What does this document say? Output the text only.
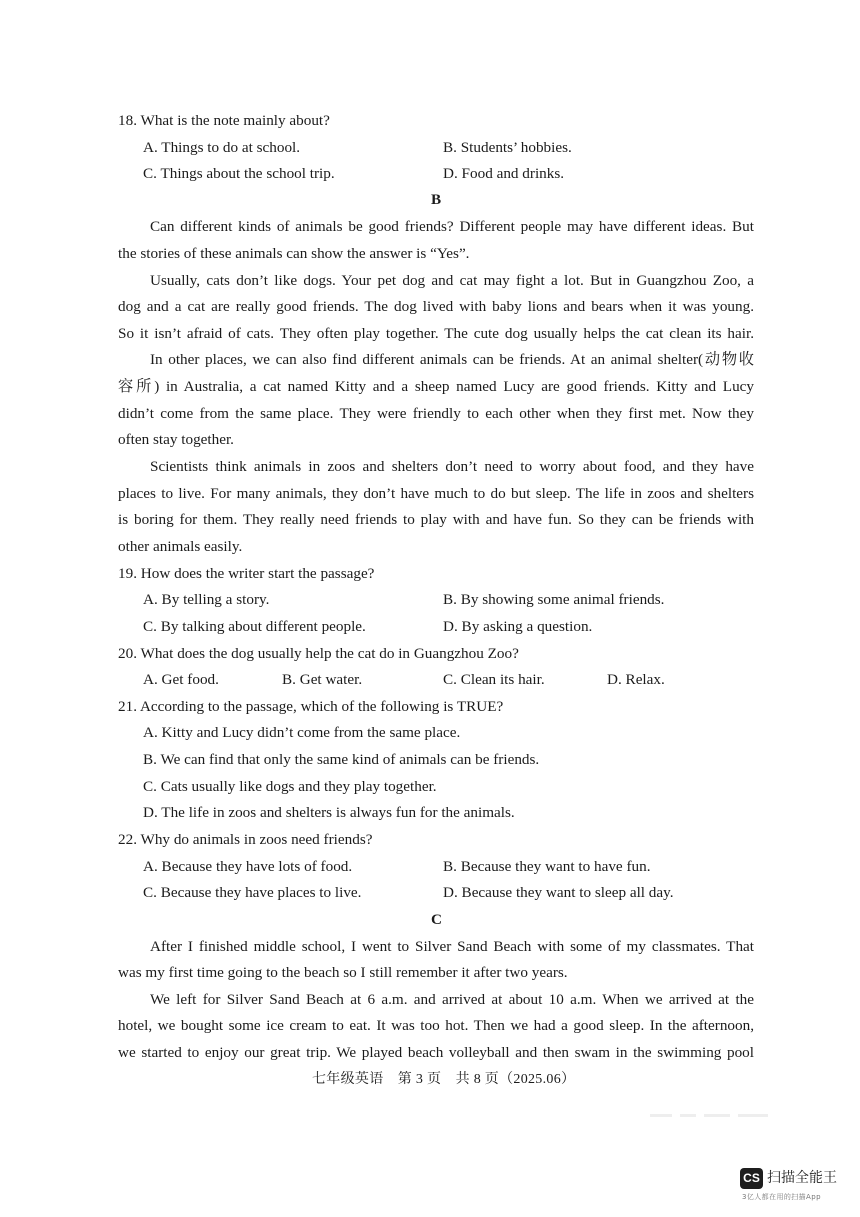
18. What is the note mainly about?
A. Things to do at school.	B. Students’ hobbies.
C. Things about the school trip.	D. Food and drinks.
B
Can different kinds of animals be good friends? Different people may have different ideas. But
the stories of these animals can show the answer is “Yes”.
Usually, cats don’t like dogs. Your pet dog and cat may fight a lot. But in Guangzhou Zoo, a
dog and a cat are really good friends. The dog lived with baby lions and bears when it was young.
So it isn’t afraid of cats. They often play together. The cute dog usually helps the cat clean its hair.
In other places, we can also find different animals can be friends. At an animal shelter(动物收
容所) in Australia, a cat named Kitty and a sheep named Lucy are good friends. Kitty and Lucy
didn’t come from the same place. They were friendly to each other when they first met. Now they
often stay together.
Scientists think animals in zoos and shelters don’t need to worry about food, and they have
places to live. For many animals, they don’t have much to do but sleep. The life in zoos and shelters
is boring for them. They really need friends to play with and have fun. So they can be friends with
other animals easily.
19. How does the writer start the passage?
A. By telling a story.	B. By showing some animal friends.
C. By talking about different people.	D. By asking a question.
20. What does the dog usually help the cat do in Guangzhou Zoo?
A. Get food.	B. Get water.	C. Clean its hair.	D. Relax.
21. According to the passage, which of the following is TRUE?
A. Kitty and Lucy didn’t come from the same place.
B. We can find that only the same kind of animals can be friends.
C. Cats usually like dogs and they play together.
D. The life in zoos and shelters is always fun for the animals.
22. Why do animals in zoos need friends?
A. Because they have lots of food.	B. Because they want to have fun.
C. Because they have places to live.	D. Because they want to sleep all day.
C
After I finished middle school, I went to Silver Sand Beach with some of my classmates. That
was my first time going to the beach so I still remember it after two years.
We left for Silver Sand Beach at 6 a.m. and arrived at about 10 a.m. When we arrived at the
hotel, we bought some ice cream to eat. It was too hot. Then we had a good sleep. In the afternoon,
we started to enjoy our great trip. We played beach volleyball and then swam in the swimming pool
七年级英语　第 3 页　共 8 页（2025.06）
CS 扫描全能王
3亿人都在用的扫描App
